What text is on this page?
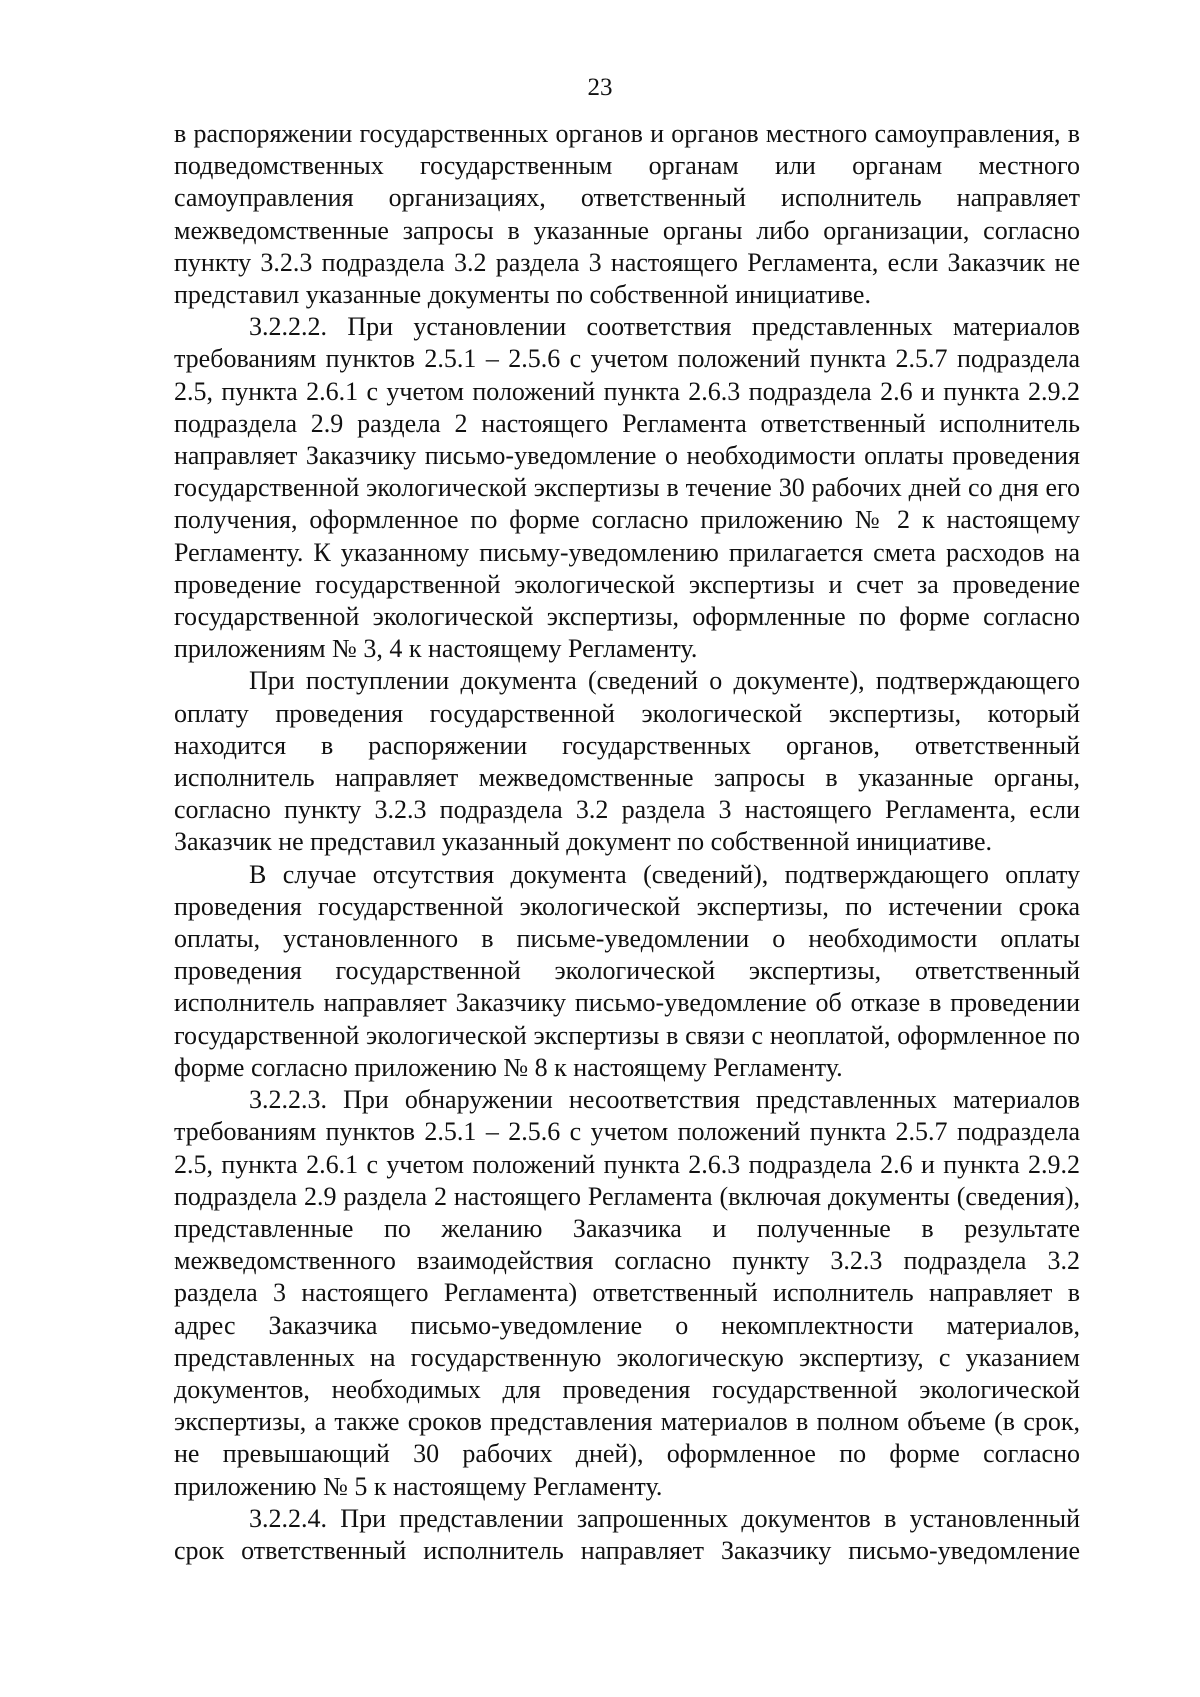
23

в распоряжении государственных органов и органов местного самоуправления, в подведомственных государственным органам или органам местного самоуправления организациях, ответственный исполнитель направляет межведомственные запросы в указанные органы либо организации, согласно пункту 3.2.3 подраздела 3.2 раздела 3 настоящего Регламента, если Заказчик не представил указанные документы по собственной инициативе.

3.2.2.2. При установлении соответствия представленных материалов требованиям пунктов 2.5.1 – 2.5.6 с учетом положений пункта 2.5.7 подраздела 2.5, пункта 2.6.1 с учетом положений пункта 2.6.3 подраздела 2.6 и пункта 2.9.2 подраздела 2.9 раздела 2 настоящего Регламента ответственный исполнитель направляет Заказчику письмо-уведомление о необходимости оплаты проведения государственной экологической экспертизы в течение 30 рабочих дней со дня его получения, оформленное по форме согласно приложению № 2 к настоящему Регламенту. К указанному письму-уведомлению прилагается смета расходов на проведение государственной экологической экспертизы и счет за проведение государственной экологической экспертизы, оформленные по форме согласно приложениям № 3, 4 к настоящему Регламенту.

При поступлении документа (сведений о документе), подтверждающего оплату проведения государственной экологической экспертизы, который находится в распоряжении государственных органов, ответственный исполнитель направляет межведомственные запросы в указанные органы, согласно пункту 3.2.3 подраздела 3.2 раздела 3 настоящего Регламента, если Заказчик не представил указанный документ по собственной инициативе.

В случае отсутствия документа (сведений), подтверждающего оплату проведения государственной экологической экспертизы, по истечении срока оплаты, установленного в письме-уведомлении о необходимости оплаты проведения государственной экологической экспертизы, ответственный исполнитель направляет Заказчику письмо-уведомление об отказе в проведении государственной экологической экспертизы в связи с неоплатой, оформленное по форме согласно приложению № 8 к настоящему Регламенту.

3.2.2.3. При обнаружении несоответствия представленных материалов требованиям пунктов 2.5.1 – 2.5.6 с учетом положений пункта 2.5.7 подраздела 2.5, пункта 2.6.1 с учетом положений пункта 2.6.3 подраздела 2.6 и пункта 2.9.2 подраздела 2.9 раздела 2 настоящего Регламента (включая документы (сведения), представленные по желанию Заказчика и полученные в результате межведомственного взаимодействия согласно пункту 3.2.3 подраздела 3.2 раздела 3 настоящего Регламента) ответственный исполнитель направляет в адрес Заказчика письмо-уведомление о некомплектности материалов, представленных на государственную экологическую экспертизу, с указанием документов, необходимых для проведения государственной экологической экспертизы, а также сроков представления материалов в полном объеме (в срок, не превышающий 30 рабочих дней), оформленное по форме согласно приложению № 5 к настоящему Регламенту.

3.2.2.4. При представлении запрошенных документов в установленный срок ответственный исполнитель направляет Заказчику письмо-уведомление
